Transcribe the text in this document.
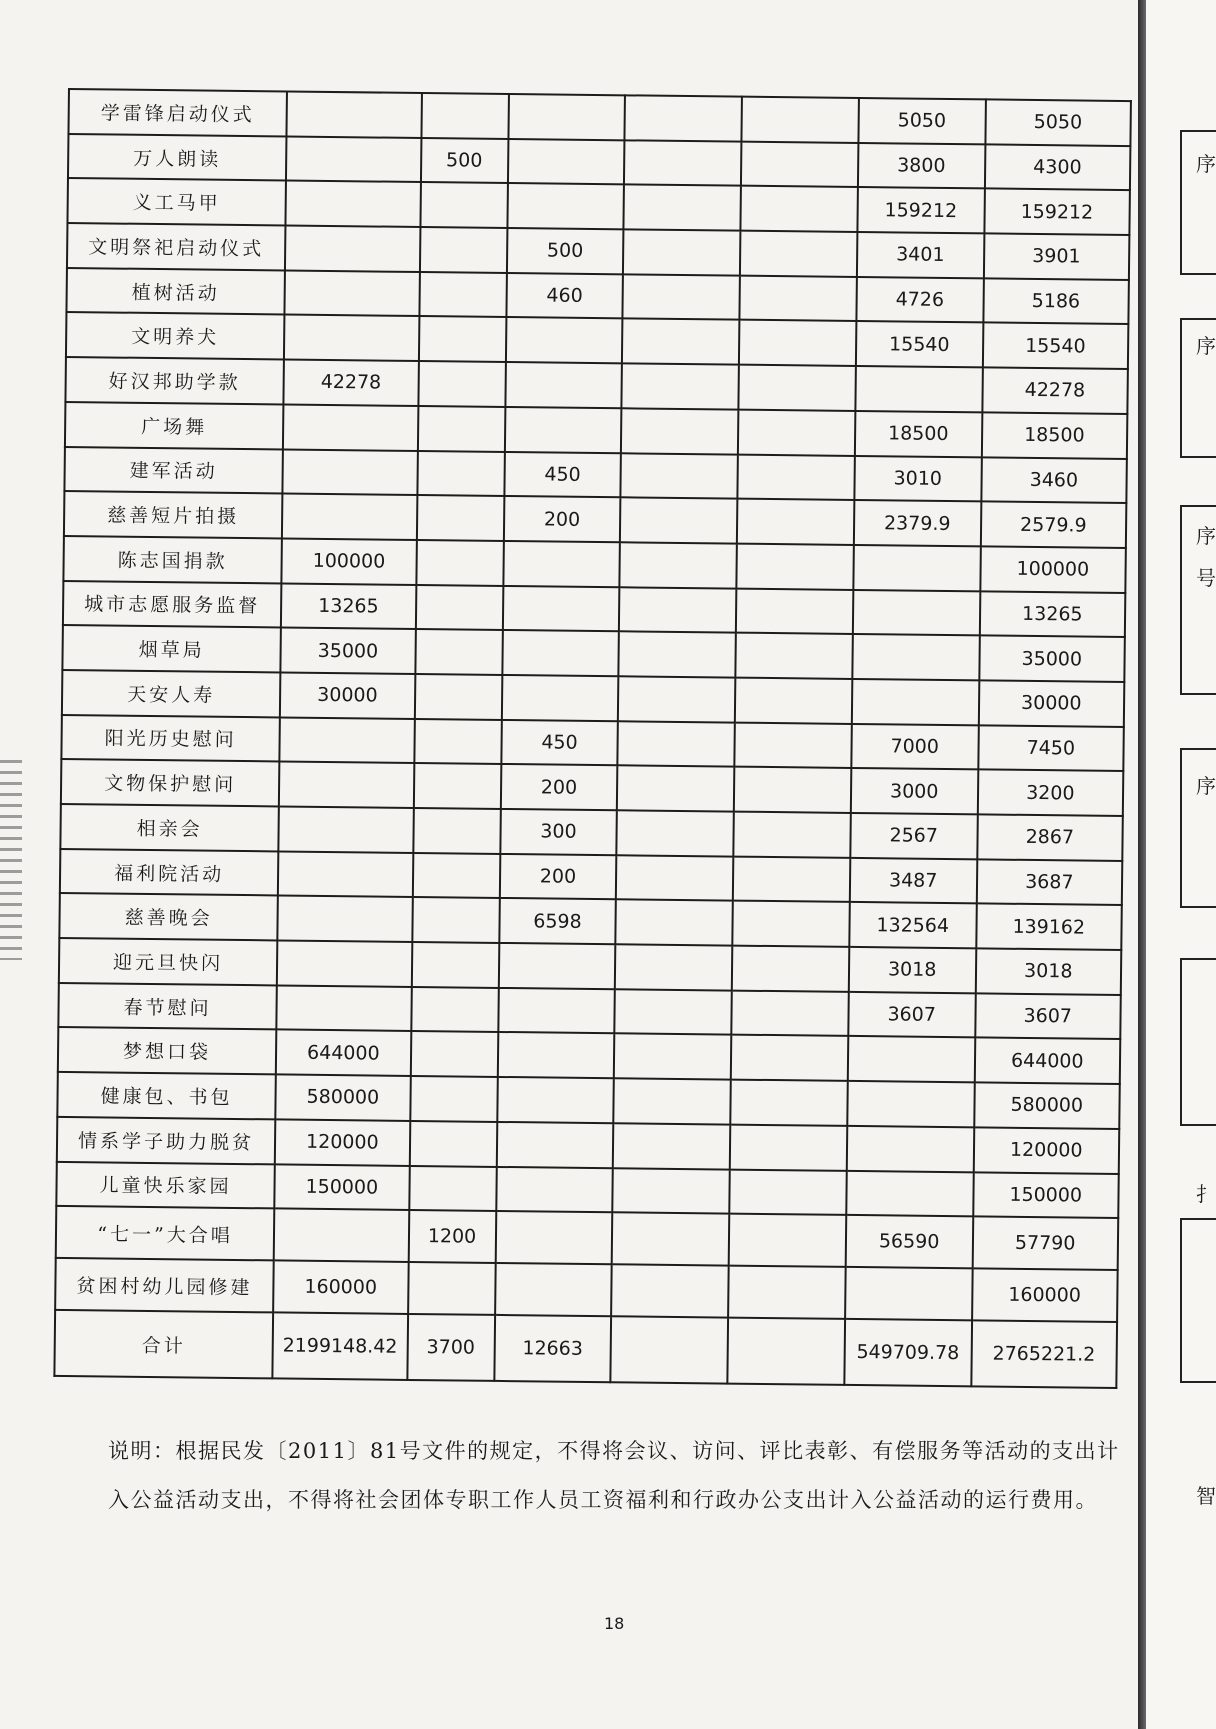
学雷锋启动仪式						5050	5050
万人朗读		500				3800	4300
义工马甲						159212	159212
文明祭祀启动仪式			500			3401	3901
植树活动			460			4726	5186
文明养犬						15540	15540
好汉邦助学款	42278						42278
广场舞						18500	18500
建军活动			450			3010	3460
慈善短片拍摄			200			2379.9	2579.9
陈志国捐款	100000						100000
城市志愿服务监督	13265						13265
烟草局	35000						35000
天安人寿	30000						30000
阳光历史慰问			450			7000	7450
文物保护慰问			200			3000	3200
相亲会			300			2567	2867
福利院活动			200			3487	3687
慈善晚会			6598			132564	139162
迎元旦快闪						3018	3018
春节慰问						3607	3607
梦想口袋	644000						644000
健康包、书包	580000						580000
情系学子助力脱贫	120000						120000
儿童快乐家园	150000						150000
“七一”大合唱		1200				56590	57790
贫困村幼儿园修建	160000						160000
合计	2199148.42	3700	12663			549709.78	2765221.2
说明：根据民发〔2011〕81号文件的规定，不得将会议、访问、评比表彰、有偿服务等活动的支出计入公益活动支出，不得将社会团体专职工作人员工资福利和行政办公支出计入公益活动的运行费用。
18
序
序
序
号
序
扌
智
